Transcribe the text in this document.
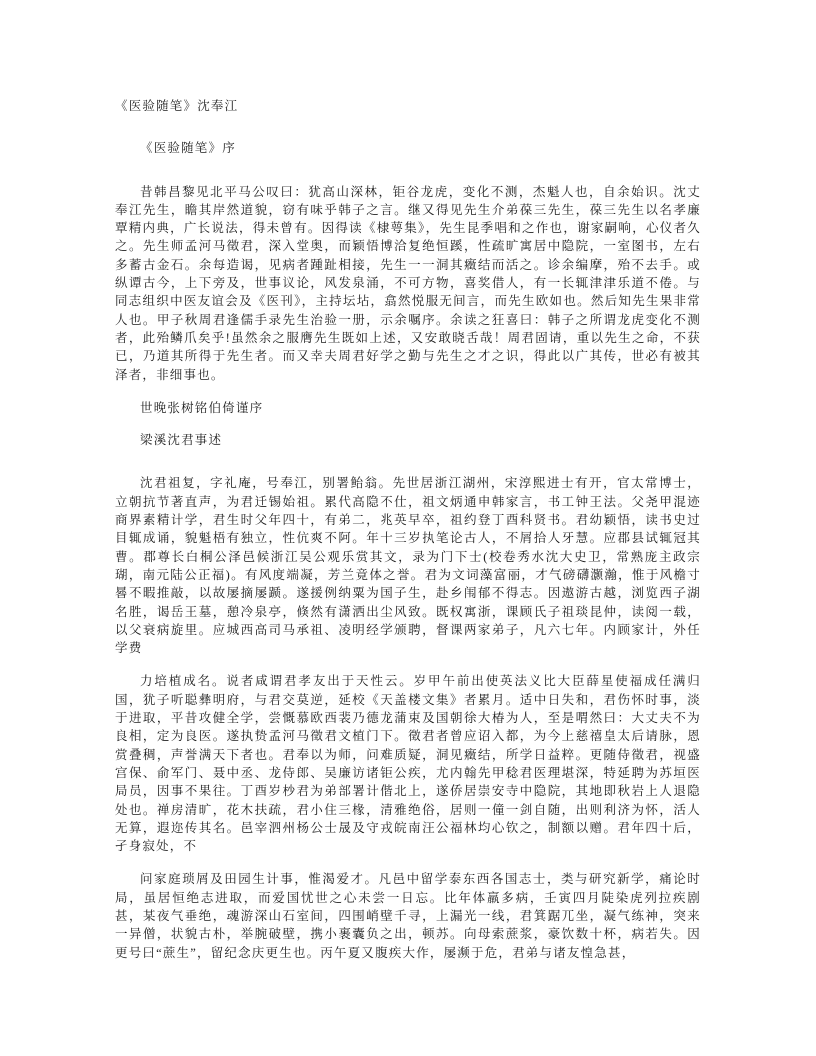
《医验随笔》沈奉江
《医验随笔》序
昔韩昌黎见北平马公叹曰：犹高山深林，钜谷龙虎，变化不测，杰魁人也，自余始识。沈丈奉江先生，瞻其岸然道貌，窃有味乎韩子之言。继又得见先生介弟葆三先生，葆三先生以名孝廉覃精内典，广长说法，得未曾有。因得读《棣萼集》，先生昆季唱和之作也，谢家嗣响，心仪者久之。先生师孟河马徵君，深入堂奥，而颖悟博洽复绝恒蹊，性疏旷寓居中隐院，一室图书，左右多蓄古金石。余每造谒，见病者踵趾相接，先生一一洞其癥结而活之。诊余编摩，殆不去手。或纵谭古今，上下旁及，世事议论，风发泉涌，不可方物，喜奖借人，有一长辄津津乐道不倦。与同志组织中医友谊会及《医刊》，主持坛坫，翕然悦服无间言，而先生欧如也。然后知先生果非常人也。甲子秋周君逢儒手录先生治验一册，示余嘱序。余读之狂喜曰：韩子之所谓龙虎变化不测者，此殆鳞爪矣乎!虽然余之服膺先生既如上述，又安敢晓舌哉！周君固请，重以先生之命，不获已，乃道其所得于先生者。而又幸夫周君好学之勤与先生之才之识，得此以广其传，世必有被其泽者，非细事也。
世晚张树铭伯倚谨序
梁溪沈君事述
沈君祖复，字礼庵，号奉江，别署鲐翁。先世居浙江湖州，宋淳熙进士有开，官太常博士，立朝抗节著直声，为君迁锡始祖。累代高隐不仕，祖文炳通申韩家言，书工钟王法。父尧甲混迹商界素精计学，君生时父年四十，有弟二，兆英早卒，祖约登丁酉科贤书。君幼颖悟，读书史过目辄成诵，貌魁梧有独立，性伉爽不阿。年十三岁执笔论古人，不屑拾人牙慧。应郡县试辄冠其曹。郡尊长白桐公泽邑候浙江吴公观乐赏其文，录为门下士(校卷秀水沈大史卫，常熟庞主政宗瑚，南元陆公正福)。有风度端凝，芳兰竟体之誉。君为文词藻富丽，才气磅礴灏瀚，惟于风檐寸晷不暇推敲，以故屡摘屡踬。遂援例纳粟为国子生，赴乡闱郁不得志。因遨游古越，浏览西子湖名胜，谒岳王墓，憩冷泉亭，倏然有潇洒出尘风致。既权寓浙，课顾氏子祖琰昆仲，读阅一载，以父衰病旋里。应城西高司马承祖、凌明经学颁聘，督课两家弟子，凡六七年。内顾家计，外任学费
力培植成名。说者咸谓君孝友出于天性云。岁甲午前出使英法义比大臣薛星使福成任满归国，犹子听聪彝明府，与君交莫逆，延校《天盖楼文集》者累月。适中日失和，君伤怀时事，淡于进取，平昔攻健全学，尝慨慕欧西裴乃德龙蒲束及国朝徐大椿为人，至是喟然曰：大丈夫不为良相，定为良医。遂执贽孟河马徵君文植门下。徵君者曾应诏入都，为今上慈禧皇太后请脉，恩赏叠稠，声誉满天下者也。君奉以为师，问难质疑，洞见癥结，所学日益粹。更随侍徵君，视盛宫保、俞军门、聂中丞、龙侍郎、吴廉访诸钜公疾，尤内翰先甲稔君医理堪深，特延聘为苏垣医局员，因事不果往。丁酉岁杪君为弟部署计偕北上，遂侨居崇安寺中隐院，其地即秋岩上人退隐处也。禅房清旷，花木扶疏，君小住三椽，清雅绝俗，居则一僮一剑自随，出则利济为怀，活人无算，遐迩传其名。邑宰泗州杨公士晟及守戎皖南汪公福林均心钦之，制额以赠。君年四十后，孑身寂处，不
问家庭琐屑及田园生计事，惟渴爱才。凡邑中留学泰东西各国志士，类与研究新学，痛论时局，虽居恒绝志进取，而爱国忧世之心未尝一日忘。比年体羸多病，壬寅四月陡染虎列拉疾剧甚，某夜气垂绝，魂游深山石室间，四围峭壁千寻，上漏光一线，君箕踞兀坐，凝气练神，突来一异僧，状貌古朴，举腕破壁，携小裹囊负之出，顿苏。向母索蔗浆，豪饮数十杯，病若失。因更号曰“蔗生”，留纪念庆更生也。丙午夏又腹疾大作，屡濒于危，君弟与诸友惶急甚，
